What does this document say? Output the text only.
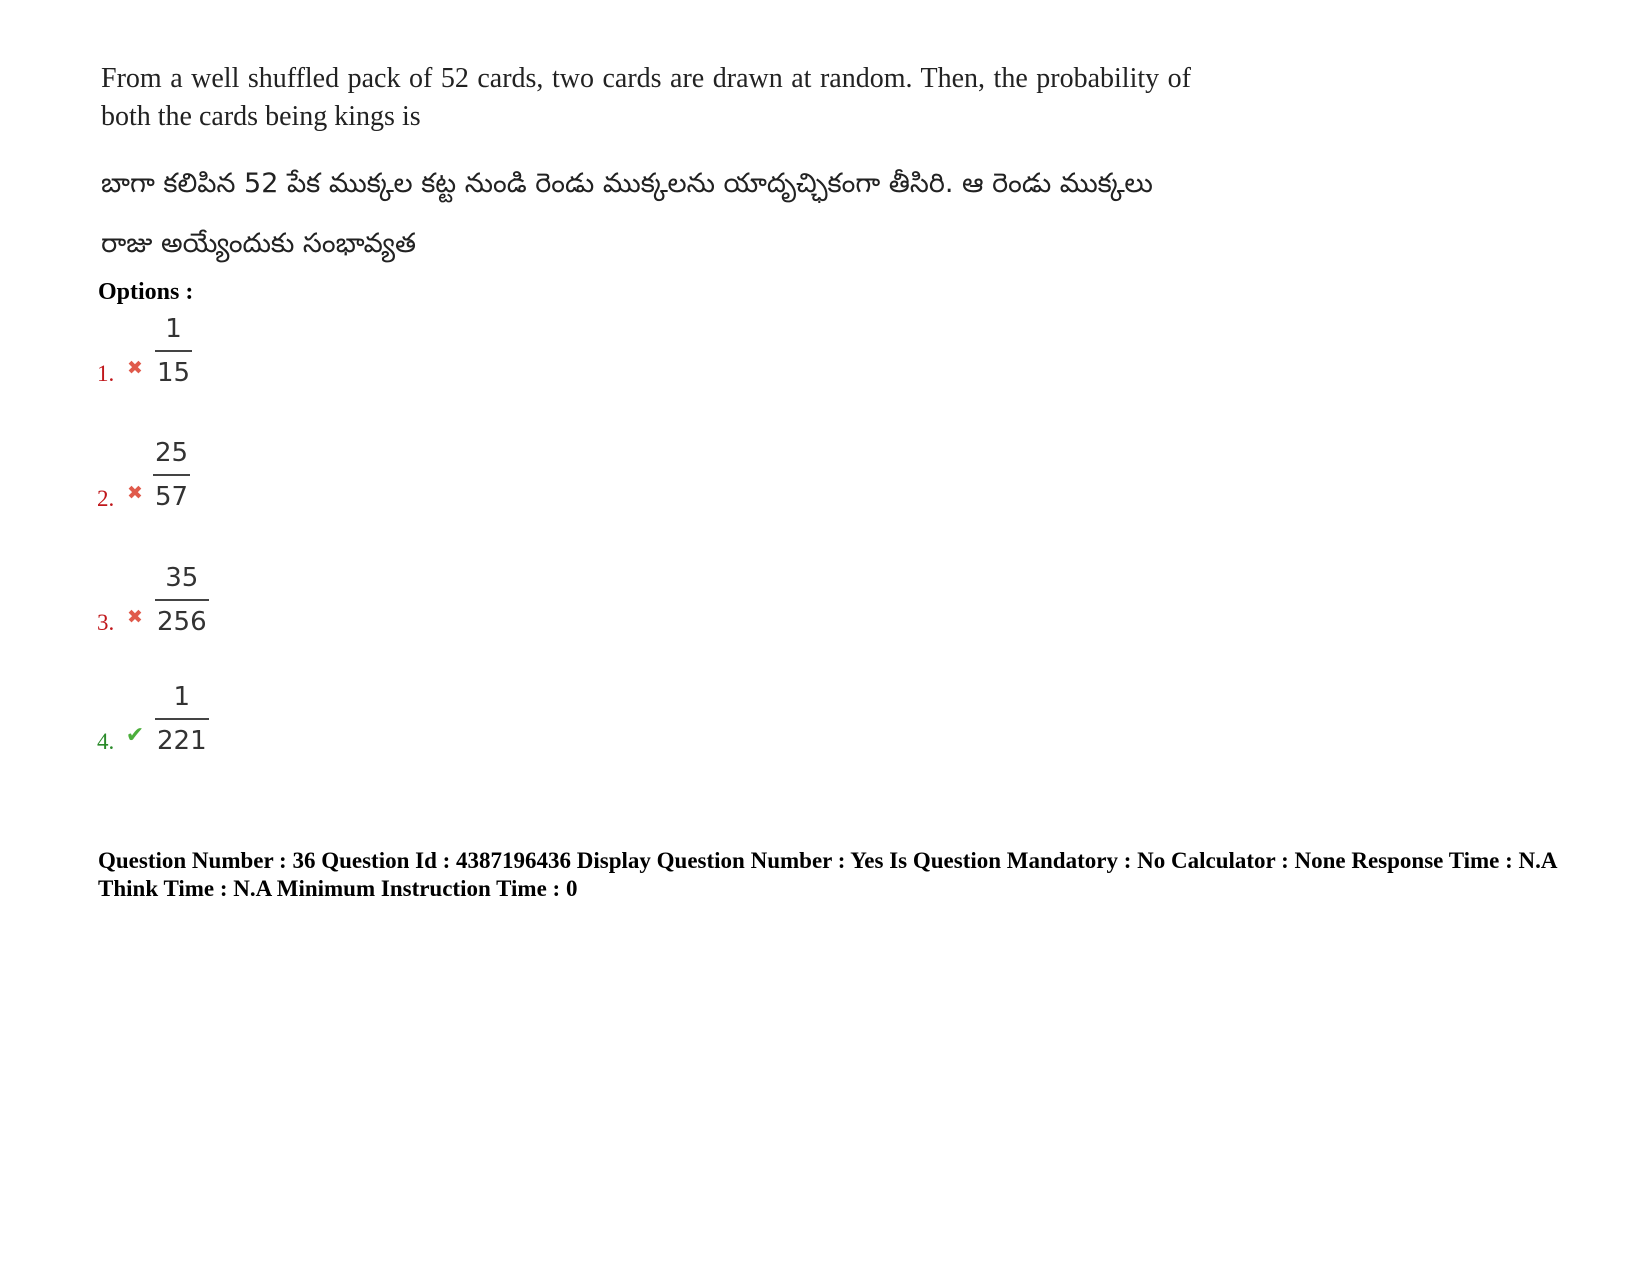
From a well shuffled pack of 52 cards, two cards are drawn at random. Then, the probability of both the cards being kings is
బాగా కలిపిన 52 పేక ముక్కల కట్ట నుండి రెండు ముక్కలను యాదృచ్ఛికంగా తీసిరి. ఆ రెండు ముక్కలు రాజు అయ్యేందుకు సంభావ్యత
Options :
1. ✖
1
15
2. ✖
25
57
3. ✖
35
256
4. ✔
1
221
Question Number : 36 Question Id : 4387196436 Display Question Number : Yes Is Question Mandatory : No Calculator : None Response Time : N.A Think Time : N.A Minimum Instruction Time : 0
